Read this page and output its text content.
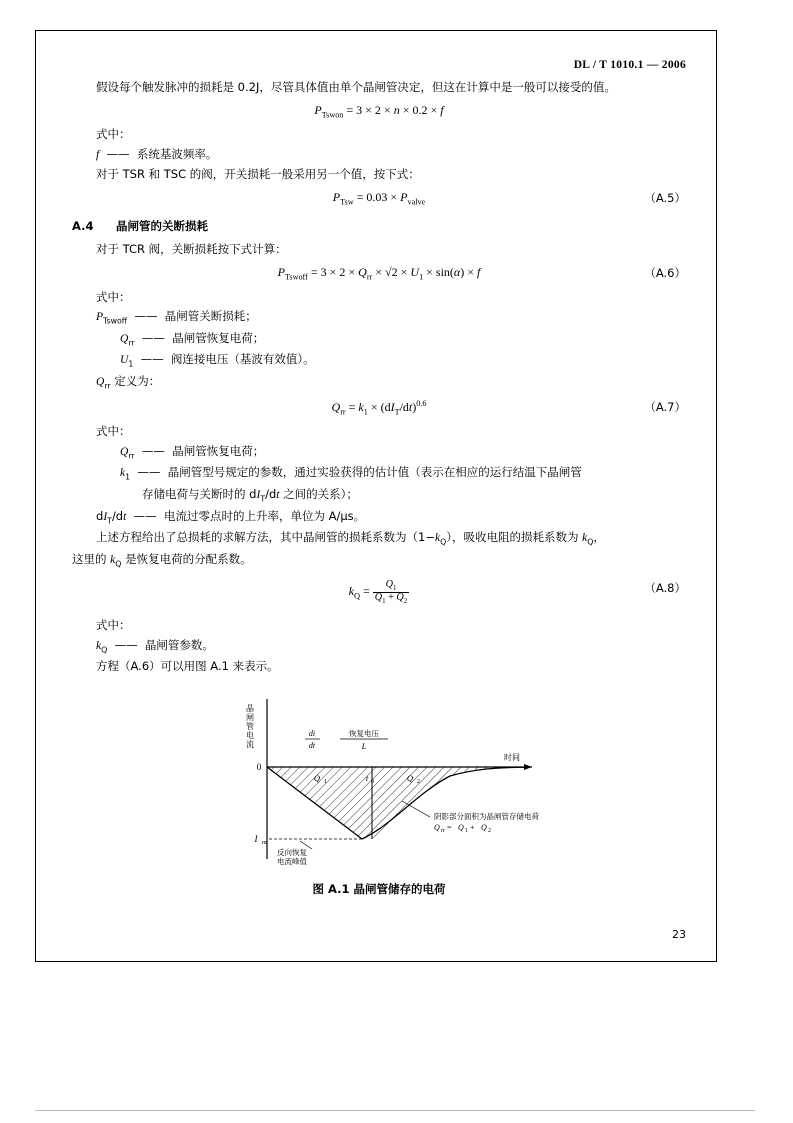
DL / T 1010.1 — 2006

假设每个触发脉冲的损耗是 0.2J，尽管具体值由单个晶闸管决定，但这在计算中是一般可以接受的值。

$P_{Tswon} = 3 \times 2 \times n \times 0.2 \times f$

式中：

f  ——  系统基波频率。

对于 TSR 和 TSC 的阀，开关损耗一般采用另一个值，按下式：

$P_{Tsw} = 0.03 \times P_{valve}$	（A.5）
A.4 晶闸管的关断损耗

对于 TCR 阀，关断损耗按下式计算：

$P_{Tswoff} = 3 \times 2 \times Q_{rr} \times √2 \times U_1 \times \sin(\alpha) \times f$	（A.6）

式中：

$P_{Tswoff}$  ——  晶闸管关断损耗；

$Q_{rr}$  ——  晶闸管恢复电荷；

$U_1$  ——  阀连接电压（基波有效值）。

$Q_{rr}$ 定义为：

$Q_{rr} = k_1 \times (dI_T/dt)^{0.6}$	（A.7）

式中：

$Q_{rr}$  ——  晶闸管恢复电荷；

$k_1$  ——  晶闸管型号规定的参数，通过实验获得的估计值（表示在相应的运行结温下晶闸管

存储电荷与关断时的 $dI_T/dt$ 之间的关系）；

$dI_T/dt$  ——  电流过零点时的上升率，单位为 A/μs。

上述方程给出了总损耗的求解方法，其中晶闸管的损耗系数为$(1-k_Q)$，吸收电阻的损耗系数为 $k_Q$，

这里的 $k_Q$ 是恢复电荷的分配系数。

$k_Q = \frac{Q_1}{Q_1 + Q_2}$	（A.8）

式中：

$k_Q$  ——  晶闸管参数。

方程（A.6）可以用图 A.1 来表示。

晶
闸
管
电
流
0
I m
时间
di
dt
恢复电压
L
Q 1	t 0	Q 2
阴影部分面积为晶闸管存储电荷
Q rr = Q 1 + Q 2
反向恢复
电流峰值
图 A.1 晶闸管储存的电荷
23
